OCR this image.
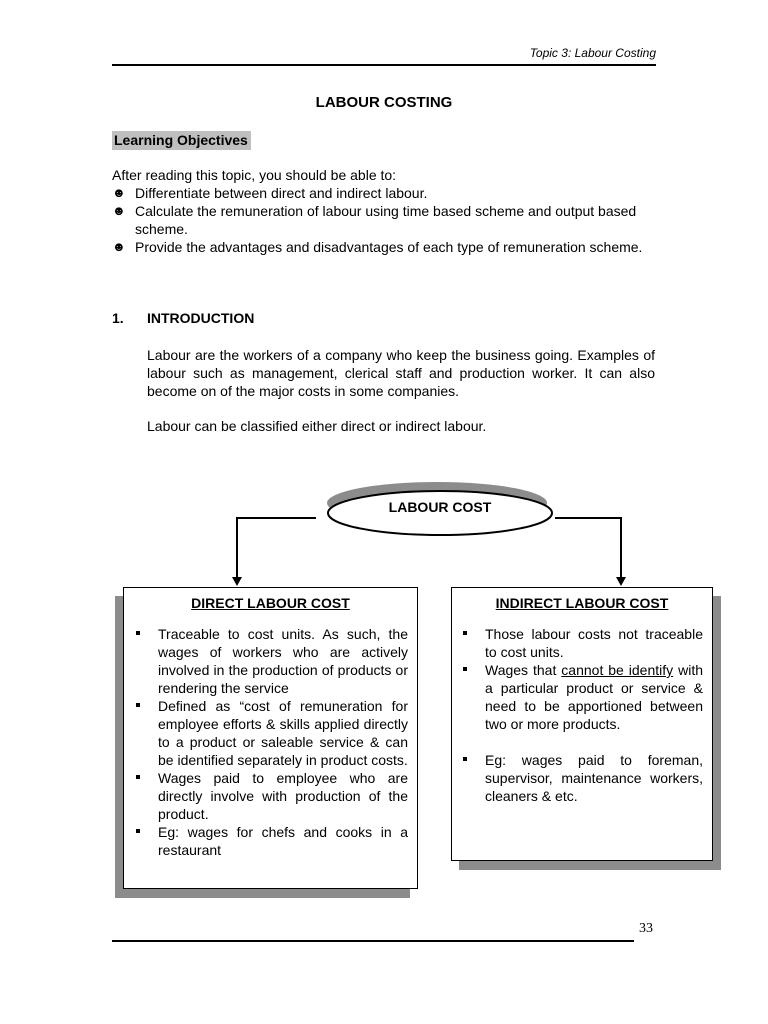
Topic 3: Labour Costing
LABOUR COSTING
Learning Objectives
After reading this topic, you should be able to:
☻ Differentiate between direct and indirect labour.
☻ Calculate the remuneration of labour using time based scheme and output based scheme.
☻ Provide the advantages and disadvantages of each type of remuneration scheme.
1. INTRODUCTION

Labour are the workers of a company who keep the business going. Examples of labour such as management, clerical staff and production worker. It can also become on of the major costs in some companies.

Labour can be classified either direct or indirect labour.

LABOUR COST
DIRECT LABOUR COST
Traceable to cost units. As such, the wages of workers who are actively involved in the production of products or rendering the service
Defined as “cost of remuneration for employee efforts & skills applied directly to a product or saleable service & can be identified separately in product costs.
Wages paid to employee who are directly involve with production of the product.
Eg: wages for chefs and cooks in a restaurant
INDIRECT LABOUR COST
Those labour costs not traceable to cost units.
Wages that cannot be identify with a particular product or service & need to be apportioned between two or more products.
Eg: wages paid to foreman, supervisor, maintenance workers, cleaners & etc.
33
